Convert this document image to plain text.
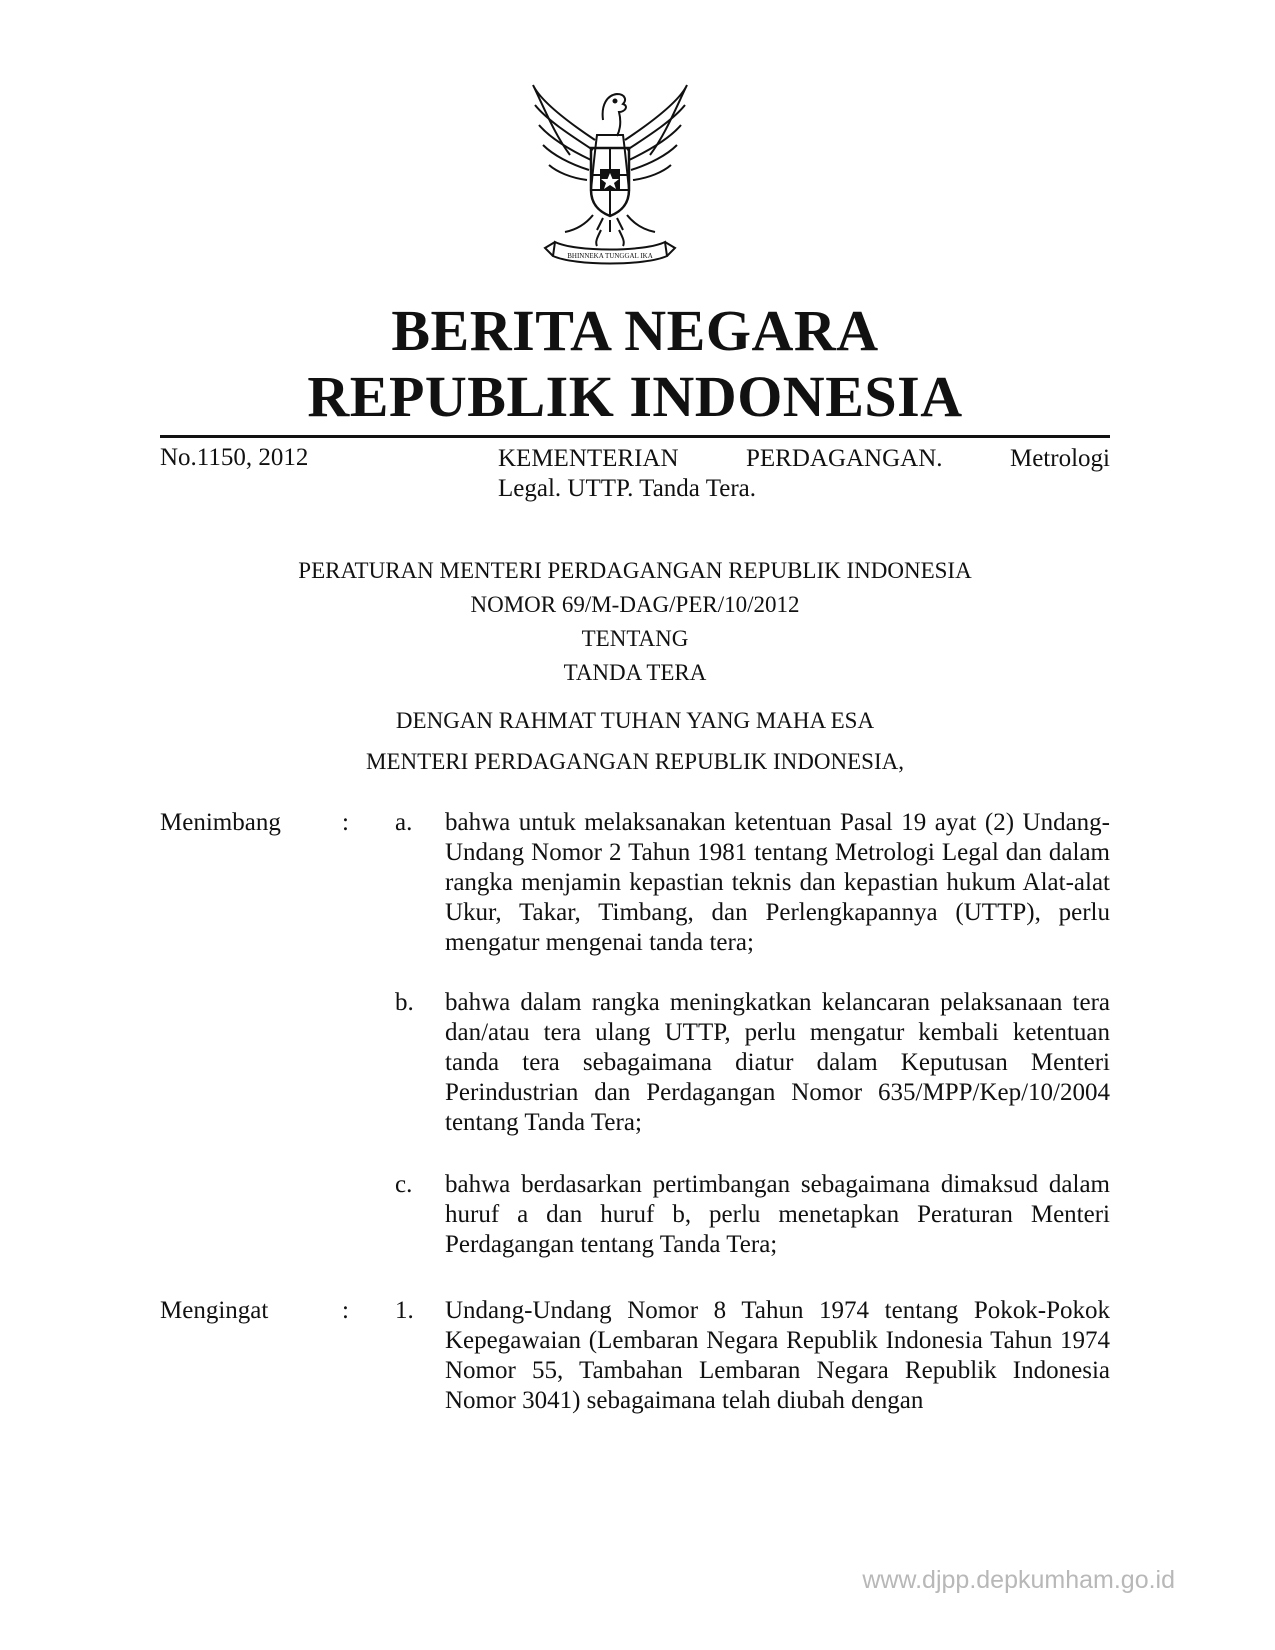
BHINNEKA TUNGGAL IKA
BERITA NEGARA
REPUBLIK INDONESIA
No.1150, 2012	KEMENTERIAN	PERDAGANGAN.	Metrologi
Legal. UTTP. Tanda Tera.
PERATURAN MENTERI PERDAGANGAN REPUBLIK INDONESIA
NOMOR 69/M-DAG/PER/10/2012
TENTANG
TANDA TERA
DENGAN RAHMAT TUHAN YANG MAHA ESA
MENTERI PERDAGANGAN REPUBLIK INDONESIA,
Menimbang : a.	bahwa untuk melaksanakan ketentuan Pasal 19 ayat (2) Undang-Undang Nomor 2 Tahun 1981 tentang Metrologi Legal dan dalam rangka menjamin kepastian teknis dan kepastian hukum Alat-alat Ukur, Takar, Timbang, dan Perlengkapannya (UTTP), perlu mengatur mengenai tanda tera;
b.	bahwa dalam rangka meningkatkan kelancaran pelaksanaan tera dan/atau tera ulang UTTP, perlu mengatur kembali ketentuan tanda tera sebagaimana diatur dalam Keputusan Menteri Perindustrian dan Perdagangan Nomor 635/MPP/Kep/10/2004 tentang Tanda Tera;
c.	bahwa berdasarkan pertimbangan sebagaimana dimaksud dalam huruf a dan huruf b, perlu menetapkan Peraturan Menteri Perdagangan tentang Tanda Tera;
Mengingat	: 1.	Undang-Undang Nomor 8 Tahun 1974 tentang Pokok-Pokok Kepegawaian (Lembaran Negara Republik Indonesia Tahun 1974 Nomor 55, Tambahan Lembaran Negara Republik Indonesia Nomor 3041) sebagaimana telah diubah dengan
www.djpp.depkumham.go.id
